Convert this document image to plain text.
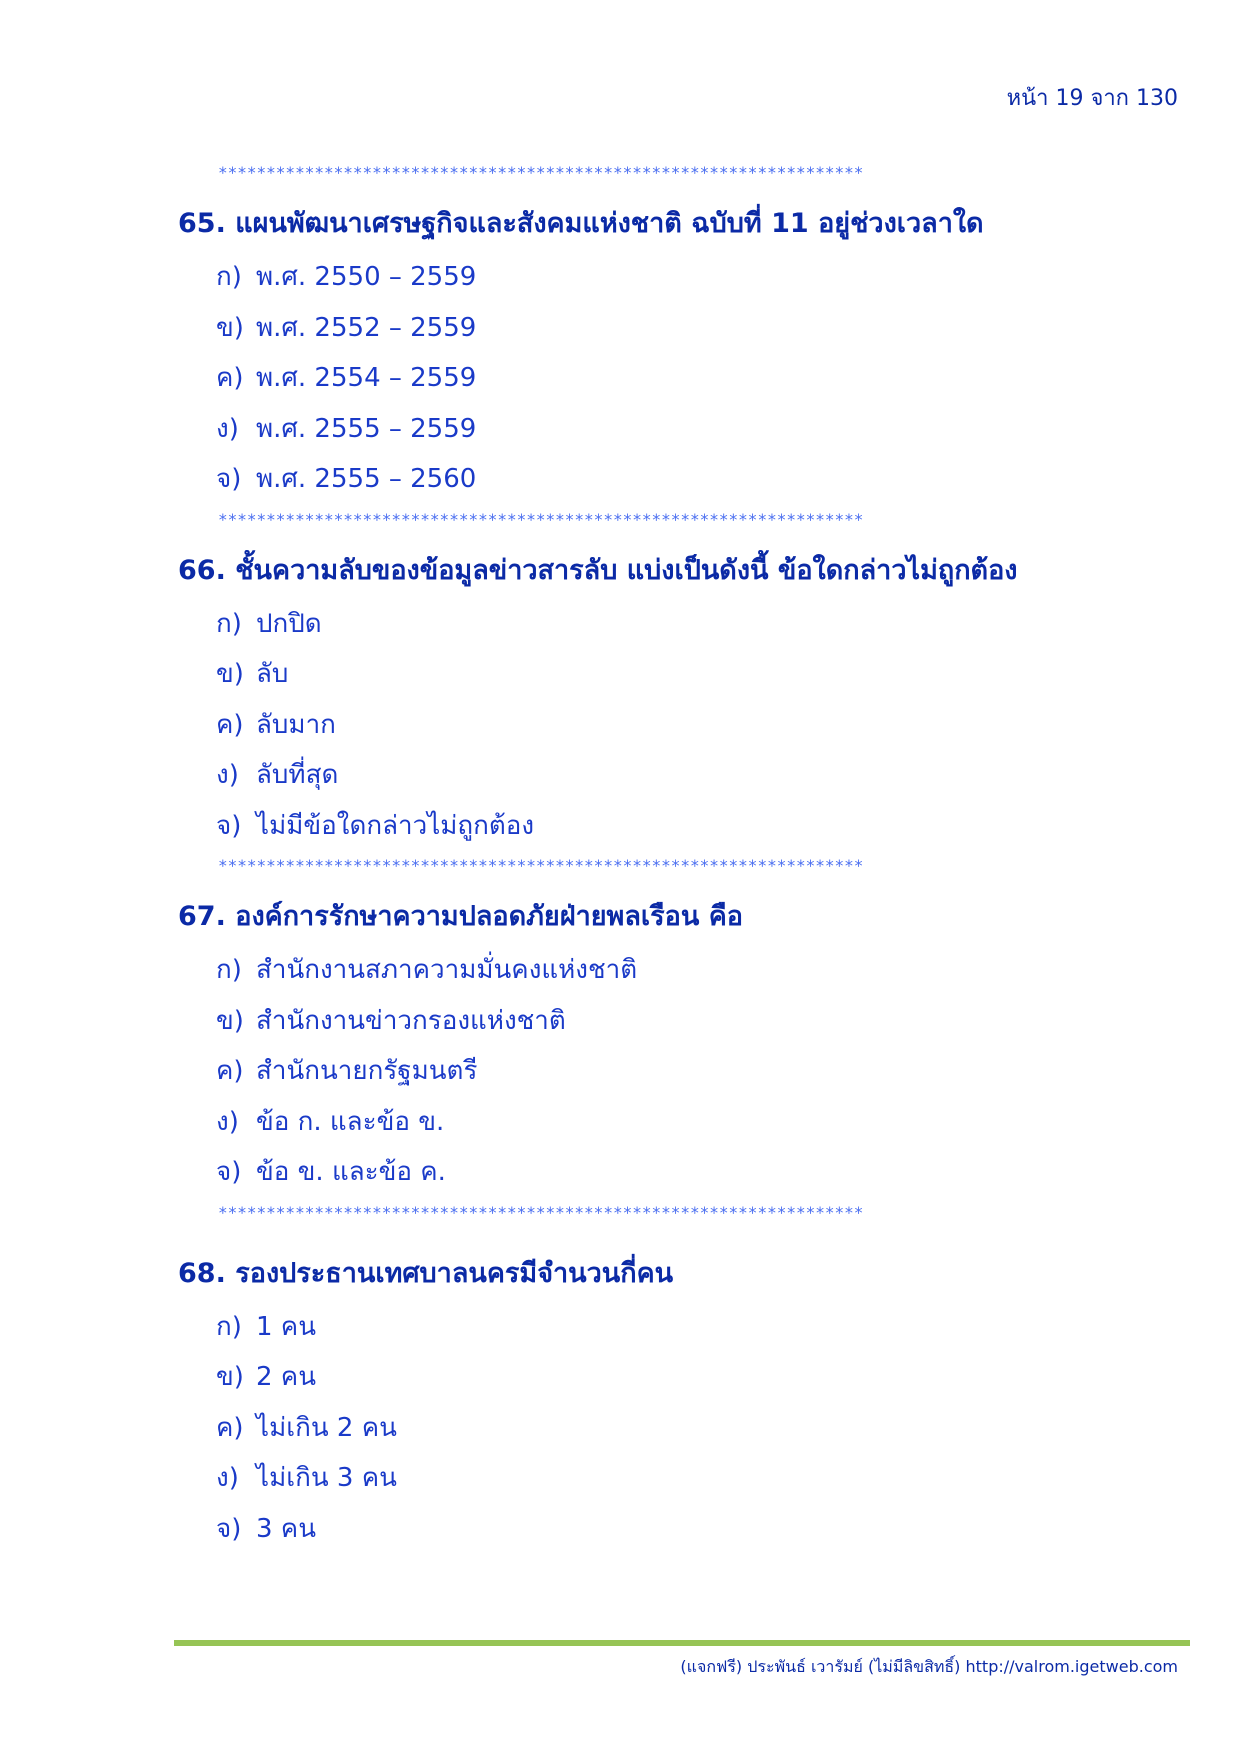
หน้า 19 จาก 130
*******************************************************************
65. แผนพัฒนาเศรษฐกิจและสังคมแห่งชาติ ฉบับที่ 11 อยู่ช่วงเวลาใด
ก) พ.ศ. 2550 – 2559
ข) พ.ศ. 2552 – 2559
ค) พ.ศ. 2554 – 2559
ง) พ.ศ. 2555 – 2559
จ) พ.ศ. 2555 – 2560
*******************************************************************
66. ชั้นความลับของข้อมูลข่าวสารลับ แบ่งเป็นดังนี้ ข้อใดกล่าวไม่ถูกต้อง
ก) ปกปิด
ข) ลับ
ค) ลับมาก
ง) ลับที่สุด
จ) ไม่มีข้อใดกล่าวไม่ถูกต้อง
*******************************************************************
67. องค์การรักษาความปลอดภัยฝ่ายพลเรือน คือ
ก) สำนักงานสภาความมั่นคงแห่งชาติ
ข) สำนักงานข่าวกรองแห่งชาติ
ค) สำนักนายกรัฐมนตรี
ง) ข้อ ก. และข้อ ข.
จ) ข้อ ข. และข้อ ค.
*******************************************************************
68. รองประธานเทศบาลนครมีจำนวนกี่คน
ก) 1 คน
ข) 2 คน
ค) ไม่เกิน 2 คน
ง) ไม่เกิน 3 คน
จ) 3 คน
(แจกฟรี) ประพันธ์ เวารัมย์ (ไม่มีลิขสิทธิ์) http://valrom.igetweb.com
